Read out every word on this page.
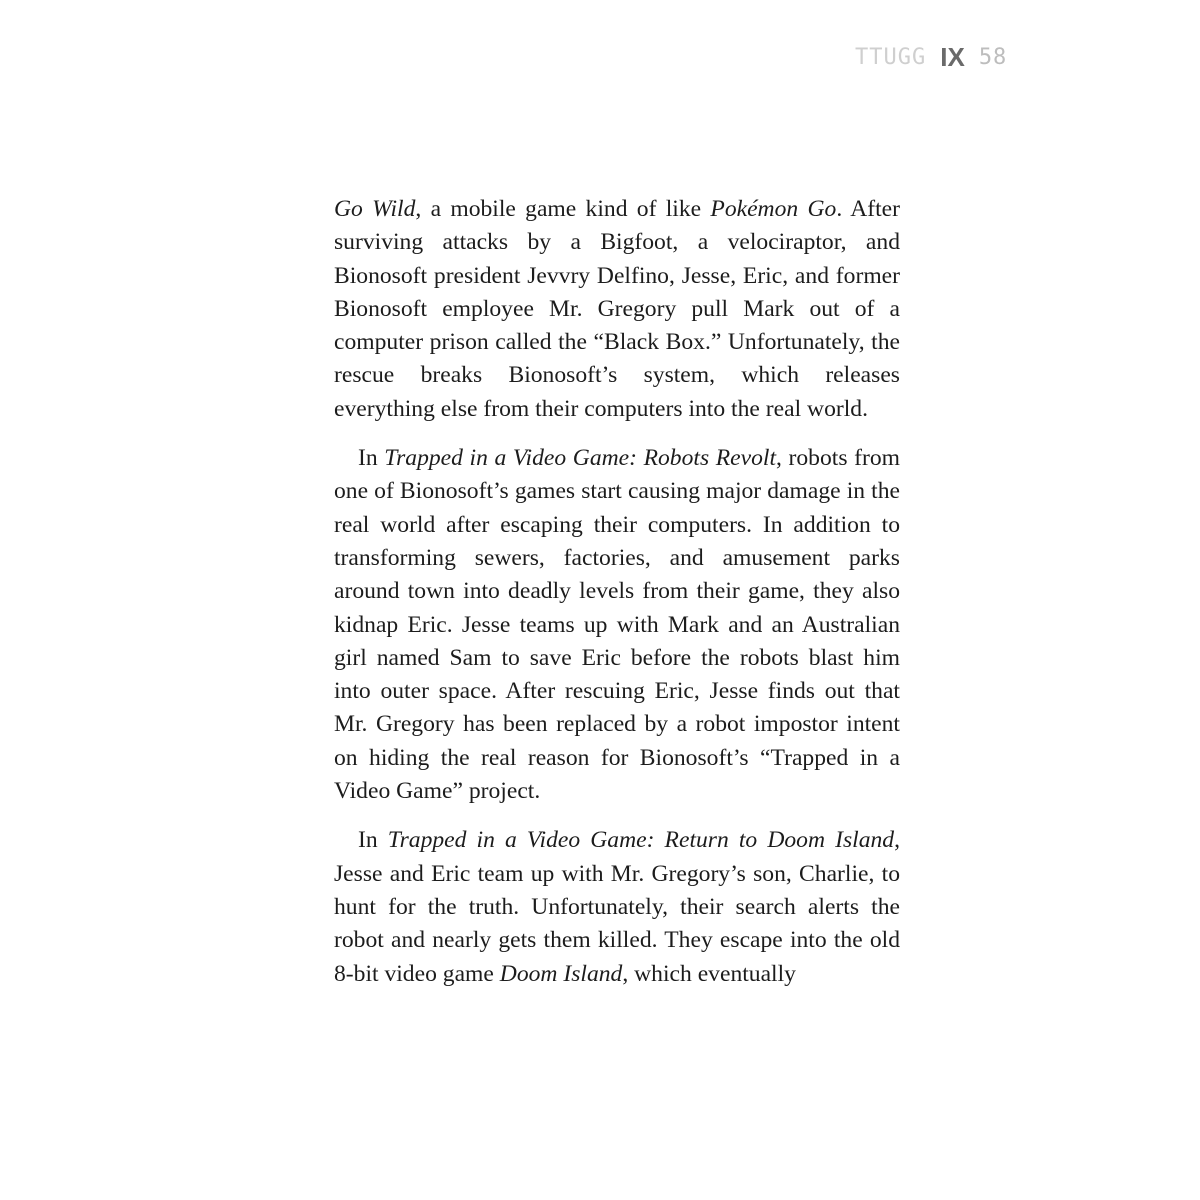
TTUGG IX 58

Go Wild, a mobile game kind of like Pokémon Go. After surviving attacks by a Bigfoot, a velociraptor, and Bionosoft president Jevvry Delfino, Jesse, Eric, and former Bionosoft employee Mr. Gregory pull Mark out of a computer prison called the “Black Box.” Unfortunately, the rescue breaks Bionosoft’s system, which releases everything else from their computers into the real world.

In Trapped in a Video Game: Robots Revolt, robots from one of Bionosoft’s games start causing major damage in the real world after escaping their computers. In addition to transforming sewers, factories, and amusement parks around town into deadly levels from their game, they also kidnap Eric. Jesse teams up with Mark and an Australian girl named Sam to save Eric before the robots blast him into outer space. After rescuing Eric, Jesse finds out that Mr. Gregory has been replaced by a robot impostor intent on hiding the real reason for Bionosoft’s “Trapped in a Video Game” project.

In Trapped in a Video Game: Return to Doom Island, Jesse and Eric team up with Mr. Gregory’s son, Charlie, to hunt for the truth. Unfortunately, their search alerts the robot and nearly gets them killed. They escape into the old 8-bit video game Doom Island, which eventually
